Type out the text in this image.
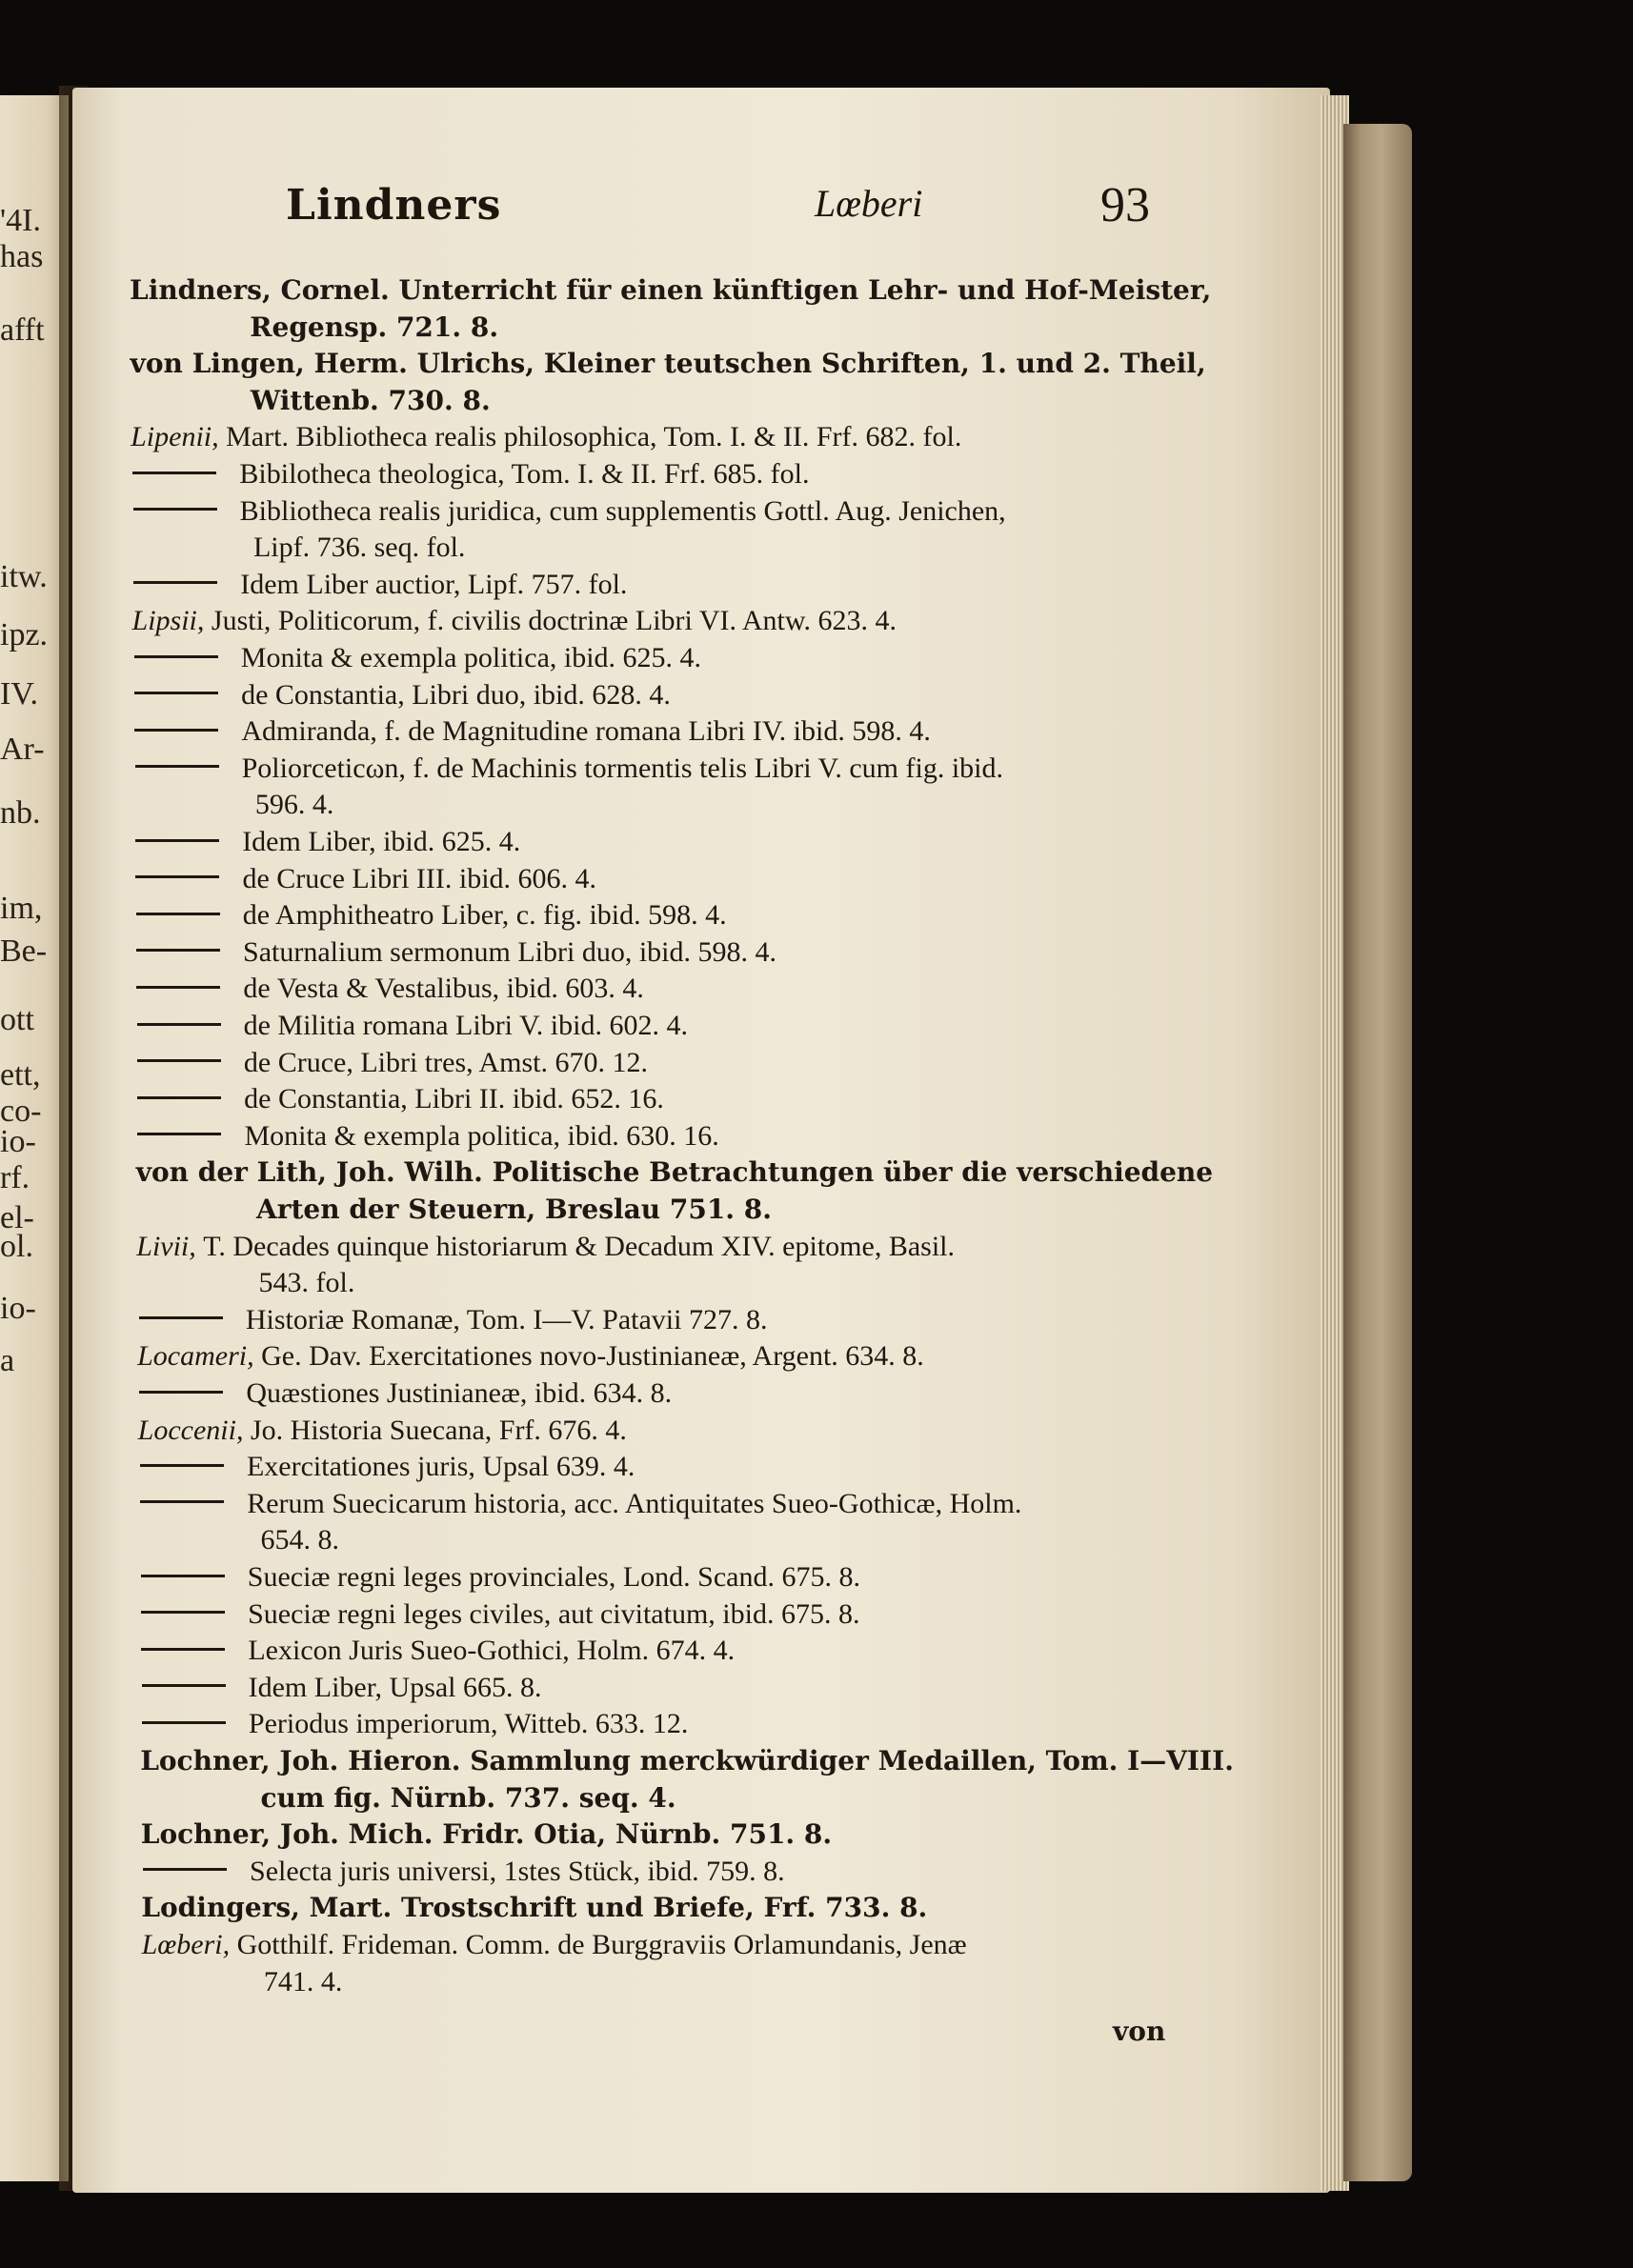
'4I.
has
afft
itw.
ipz.
IV.
Ar-
nb.
im,
Be-
ott
ett,
co-
io-
rf.
el-
ol.
io-
a
Lindners	Lœberi	93
Lindners, Cornel. Unterricht für einen künftigen Lehr- und Hof-Meister,
Regensp. 721. 8.
von Lingen, Herm. Ulrichs, Kleiner teutschen Schriften, 1. und 2. Theil,
Wittenb. 730. 8.
Lipenii, Mart. Bibliotheca realis philosophica, Tom. I. & II. Frf. 682. fol.
Bibilotheca theologica, Tom. I. & II. Frf. 685. fol.
Bibliotheca realis juridica, cum supplementis Gottl. Aug. Jenichen,
Lipf. 736. seq. fol.
Idem Liber auctior, Lipf. 757. fol.
Lipsii, Justi, Politicorum, f. civilis doctrinæ Libri VI. Antw. 623. 4.
Monita & exempla politica, ibid. 625. 4.
de Constantia, Libri duo, ibid. 628. 4.
Admiranda, f. de Magnitudine romana Libri IV. ibid. 598. 4.
Poliorceticωn, f. de Machinis tormentis telis Libri V. cum fig. ibid.
596. 4.
Idem Liber, ibid. 625. 4.
de Cruce Libri III. ibid. 606. 4.
de Amphitheatro Liber, c. fig. ibid. 598. 4.
Saturnalium sermonum Libri duo, ibid. 598. 4.
de Vesta & Vestalibus, ibid. 603. 4.
de Militia romana Libri V. ibid. 602. 4.
de Cruce, Libri tres, Amst. 670. 12.
de Constantia, Libri II. ibid. 652. 16.
Monita & exempla politica, ibid. 630. 16.
von der Lith, Joh. Wilh. Politische Betrachtungen über die verschiedene
Arten der Steuern, Breslau 751. 8.
Livii, T. Decades quinque historiarum & Decadum XIV. epitome, Basil.
543. fol.
Historiæ Romanæ, Tom. I—V. Patavii 727. 8.
Locameri, Ge. Dav. Exercitationes novo-Justinianeæ, Argent. 634. 8.
Quæstiones Justinianeæ, ibid. 634. 8.
Loccenii, Jo. Historia Suecana, Frf. 676. 4.
Exercitationes juris, Upsal 639. 4.
Rerum Suecicarum historia, acc. Antiquitates Sueo-Gothicæ, Holm.
654. 8.
Sueciæ regni leges provinciales, Lond. Scand. 675. 8.
Sueciæ regni leges civiles, aut civitatum, ibid. 675. 8.
Lexicon Juris Sueo-Gothici, Holm. 674. 4.
Idem Liber, Upsal 665. 8.
Periodus imperiorum, Witteb. 633. 12.
Lochner, Joh. Hieron. Sammlung merckwürdiger Medaillen, Tom. I—VIII.
cum fig. Nürnb. 737. seq. 4.
Lochner, Joh. Mich. Fridr. Otia, Nürnb. 751. 8.
Selecta juris universi, 1stes Stück, ibid. 759. 8.
Lodingers, Mart. Trostschrift und Briefe, Frf. 733. 8.
Lœberi, Gotthilf. Frideman. Comm. de Burggraviis Orlamundanis, Jenæ
741. 4.
von
